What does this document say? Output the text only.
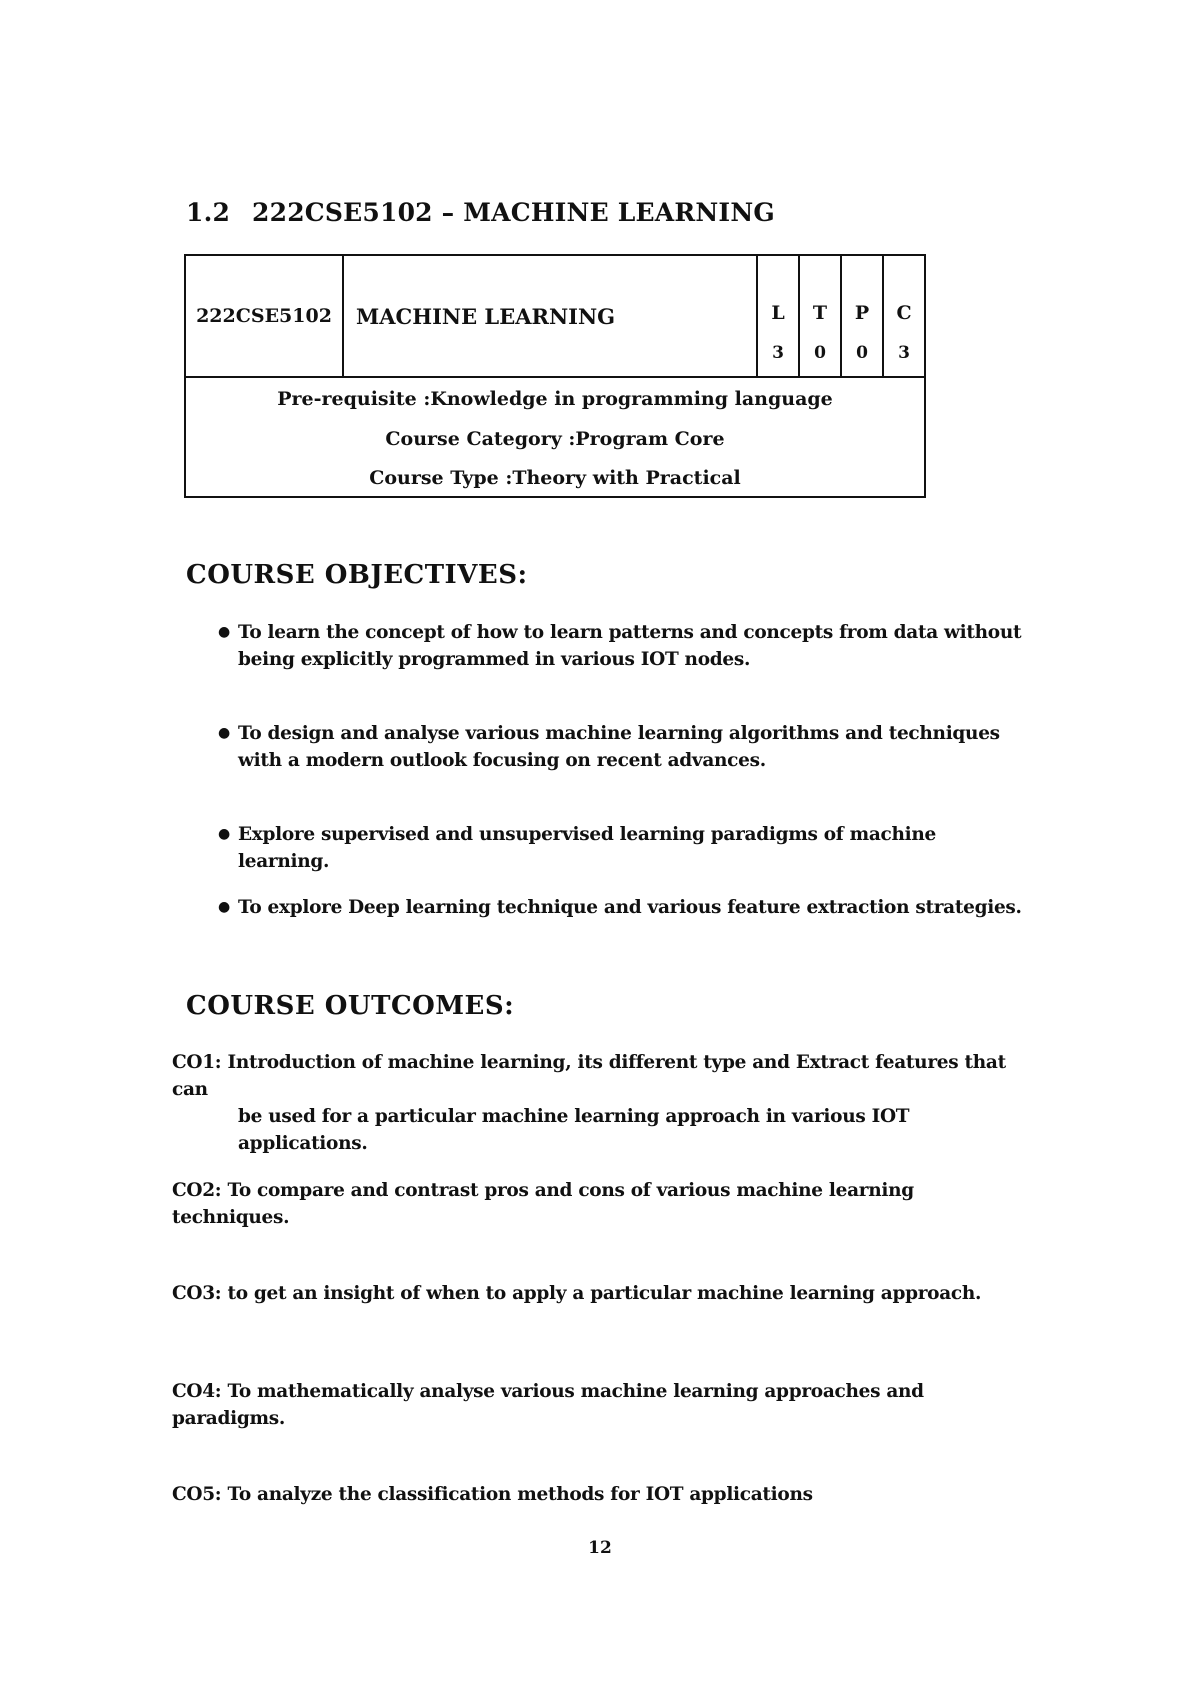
1.2 222CSE5102 – MACHINE LEARNING
222CSE5102	MACHINE LEARNING	L
3
T
0
P
0
C
3
Pre-requisite :Knowledge in programming language
Course Category :Program Core
Course Type :Theory with Practical
COURSE OBJECTIVES:
● To learn the concept of how to learn patterns and concepts from data without being explicitly programmed in various IOT nodes.
● To design and analyse various machine learning algorithms and techniques with a modern outlook focusing on recent advances.
● Explore supervised and unsupervised learning paradigms of machine learning.
● To explore Deep learning technique and various feature extraction strategies.
COURSE OUTCOMES:
CO1: Introduction of machine learning, its different type and Extract features that can
be used for a particular machine learning approach in various IOT applications.
CO2: To compare and contrast pros and cons of various machine learning techniques.
CO3: to get an insight of when to apply a particular machine learning approach.
CO4: To mathematically analyse various machine learning approaches and paradigms.
CO5: To analyze the classification methods for IOT applications
12
